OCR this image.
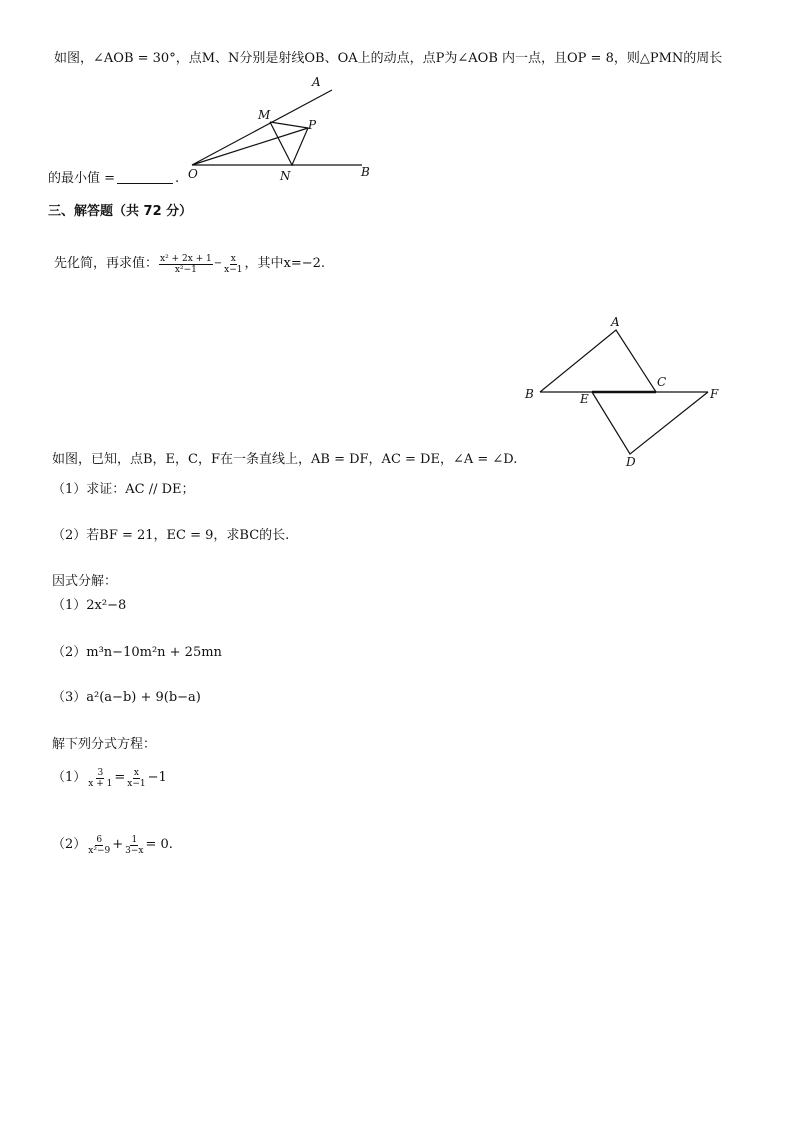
如图，∠AOB = 30°，点M、N分别是射线OB、OA上的动点，点P为∠AOB 内一点，且OP = 8，则△PMN的周长
A
M
P
O	N	B
的最小值 =	.
三、解答题（共 72 分）
先化简，再求值： $\frac{\text{x² + 2x + 1}}{\text{x²−1}} - \frac{x}{x-1}$ ，其中x=−2.
A
B
C
E	F
D
如图，已知，点B，E，C，F在一条直线上，AB = DF，AC = DE，∠A = ∠D.
（1）求证：AC // DE；
（2）若BF = 21，EC = 9，求BC的长.
因式分解：
（1）2x²−8
（2）m³n−10m²n + 25mn
（3）a²(a−b) + 9(b−a)
解下列分式方程：
$(1) \frac{3}{x + 1} = \frac{x}{x-1} -1$
$(2) \frac{6}{\text{x²−9}} + \frac{1}{3-x} = 0$.
